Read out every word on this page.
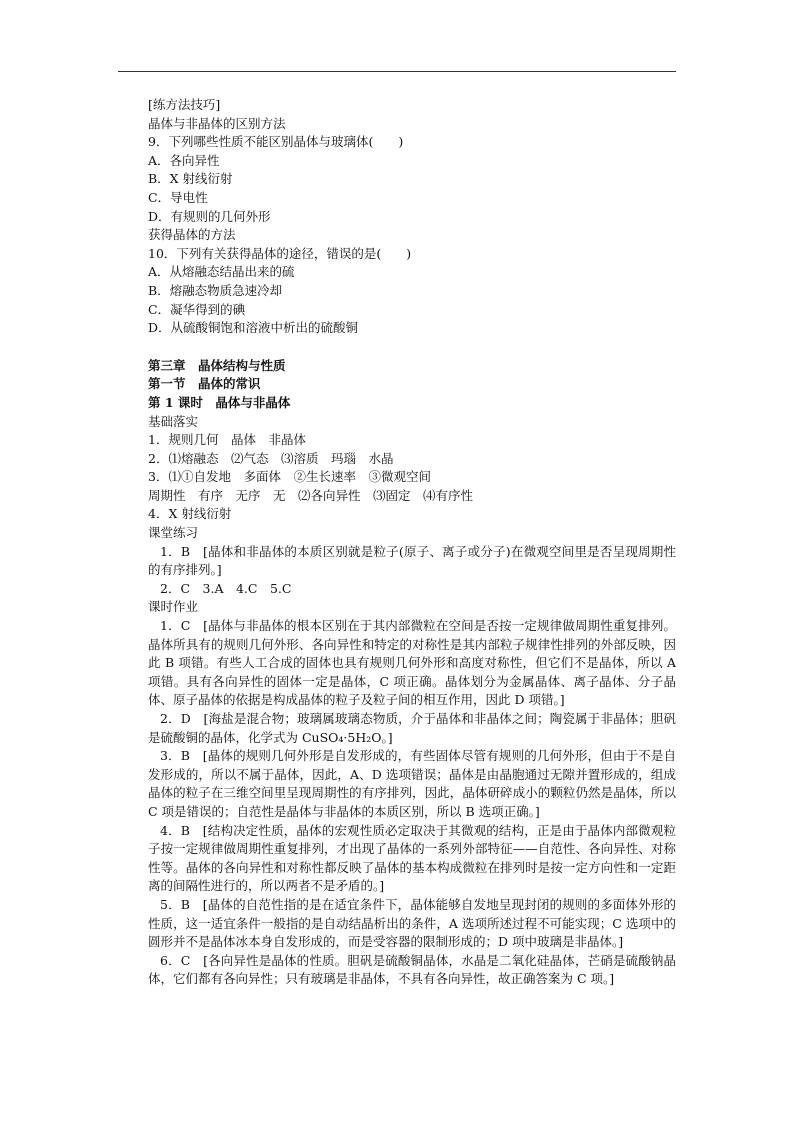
[练方法技巧]

晶体与非晶体的区别方法

9．下列哪些性质不能区别晶体与玻璃体(　　)

A．各向异性

B．X 射线衍射

C．导电性

D．有规则的几何外形

获得晶体的方法

10．下列有关获得晶体的途径，错误的是(　　)

A．从熔融态结晶出来的硫

B．熔融态物质急速冷却

C．凝华得到的碘

D．从硫酸铜饱和溶液中析出的硫酸铜

第三章　晶体结构与性质

第一节　晶体的常识

第 1 课时　晶体与非晶体

基础落实

1．规则几何　晶体　非晶体

2．⑴熔融态　⑵气态　⑶溶质　玛瑙　水晶

3．⑴①自发地　多面体　②生长速率　③微观空间

周期性　有序　无序　无　⑵各向异性　⑶固定　⑷有序性

4．X 射线衍射

课堂练习

1．B　[晶体和非晶体的本质区别就是粒子(原子、离子或分子)在微观空间里是否呈现周期性的有序排列。]

2．C　3.A　4.C　5.C

课时作业

1．C　[晶体与非晶体的根本区别在于其内部微粒在空间是否按一定规律做周期性重复排列。晶体所具有的规则几何外形、各向异性和特定的对称性是其内部粒子规律性排列的外部反映，因此 B 项错。有些人工合成的固体也具有规则几何外形和高度对称性，但它们不是晶体，所以 A 项错。具有各向异性的固体一定是晶体，C 项正确。晶体划分为金属晶体、离子晶体、分子晶体、原子晶体的依据是构成晶体的粒子及粒子间的相互作用，因此 D 项错。]

2．D　[海盐是混合物；玻璃属玻璃态物质，介于晶体和非晶体之间；陶瓷属于非晶体；胆矾是硫酸铜的晶体，化学式为 CuSO₄·5H₂O。]

3．B　[晶体的规则几何外形是自发形成的，有些固体尽管有规则的几何外形，但由于不是自发形成的，所以不属于晶体，因此，A、D 选项错误；晶体是由晶胞通过无隙并置形成的，组成晶体的粒子在三维空间里呈现周期性的有序排列，因此，晶体研碎成小的颗粒仍然是晶体，所以 C 项是错误的；自范性是晶体与非晶体的本质区别，所以 B 选项正确。]

4．B　[结构决定性质，晶体的宏观性质必定取决于其微观的结构，正是由于晶体内部微观粒子按一定规律做周期性重复排列，才出现了晶体的一系列外部特征——自范性、各向异性、对称性等。晶体的各向异性和对称性都反映了晶体的基本构成微粒在排列时是按一定方向性和一定距离的间隔性进行的，所以两者不是矛盾的。]

5．B　[晶体的自范性指的是在适宜条件下，晶体能够自发地呈现封闭的规则的多面体外形的性质，这一适宜条件一般指的是自动结晶析出的条件，A 选项所述过程不可能实现；C 选项中的圆形并不是晶体冰本身自发形成的，而是受容器的限制形成的；D 项中玻璃是非晶体。]

6．C　[各向异性是晶体的性质。胆矾是硫酸铜晶体，水晶是二氧化硅晶体，芒硝是硫酸钠晶体，它们都有各向异性；只有玻璃是非晶体，不具有各向异性，故正确答案为 C 项。]
